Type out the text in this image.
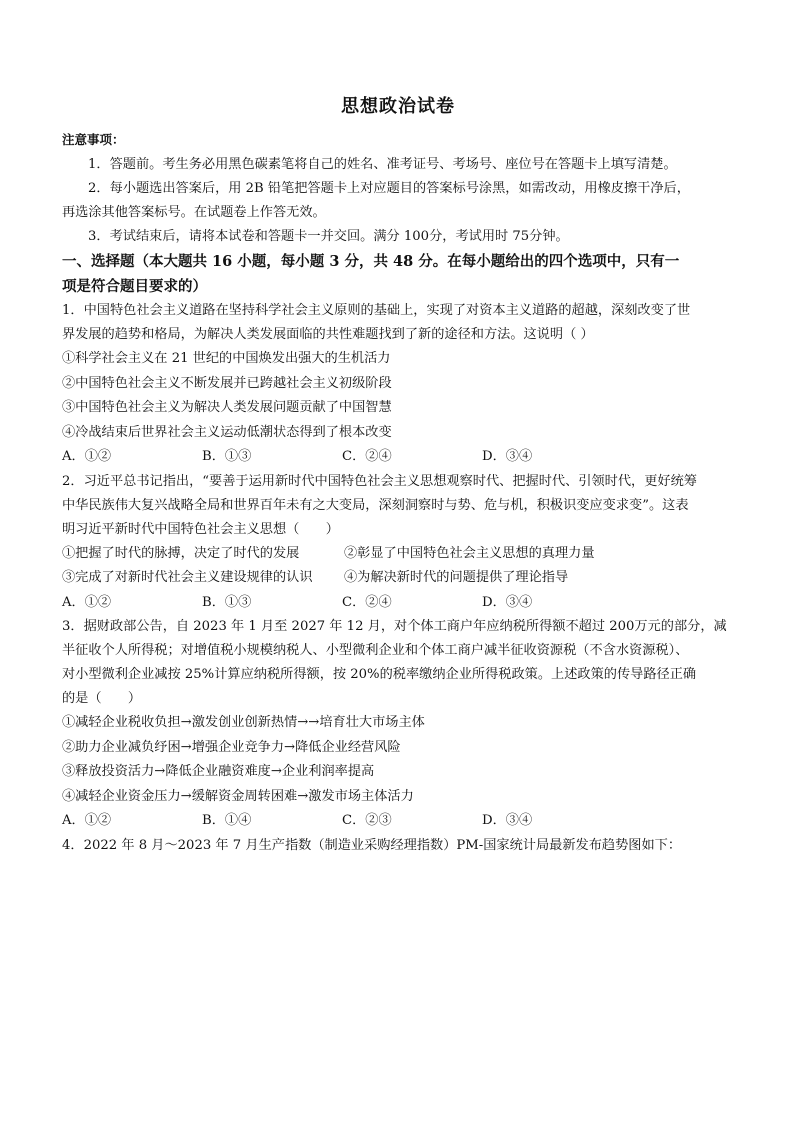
思想政治试卷
注意事项：
1．答题前。考生务必用黑色碳素笔将自己的姓名、准考证号、考场号、座位号在答题卡上填写清楚。
2．每小题选出答案后，用 2B 铅笔把答题卡上对应题目的答案标号涂黑，如需改动，用橡皮擦干净后，
再选涂其他答案标号。在试题卷上作答无效。
3．考试结束后，请将本试卷和答题卡一并交回。满分 100分，考试用时 75分钟。
一、选择题（本大题共 16 小题，每小题 3 分，共 48 分。在每小题给出的四个选项中，只有一
项是符合题目要求的）
1．中国特色社会主义道路在坚持科学社会主义原则的基础上，实现了对资本主义道路的超越，深刻改变了世
界发展的趋势和格局，为解决人类发展面临的共性难题找到了新的途径和方法。这说明（ ）
①科学社会主义在 21 世纪的中国焕发出强大的生机活力
②中国特色社会主义不断发展并已跨越社会主义初级阶段
③中国特色社会主义为解决人类发展问题贡献了中国智慧
④冷战结束后世界社会主义运动低潮状态得到了根本改变
A．①②	B．①③	C．②④	D．③④
2．习近平总书记指出，“要善于运用新时代中国特色社会主义思想观察时代、把握时代、引领时代，更好统筹
中华民族伟大复兴战略全局和世界百年未有之大变局，深刻洞察时与势、危与机，积极识变应变求变”。这表
明习近平新时代中国特色社会主义思想（　　）
①把握了时代的脉搏，决定了时代的发展	②彰显了中国特色社会主义思想的真理力量
③完成了对新时代社会主义建设规律的认识	④为解决新时代的问题提供了理论指导
A．①②	B．①③	C．②④	D．③④
3．据财政部公告，自 2023 年 1 月至 2027 年 12 月，对个体工商户年应纳税所得额不超过 200万元的部分，减
半征收个人所得税；对增值税小规模纳税人、小型微利企业和个体工商户减半征收资源税（不含水资源税）、
对小型微利企业减按 25%计算应纳税所得额，按 20%的税率缴纳企业所得税政策。上述政策的传导路径正确
的是（　　）
①减轻企业税收负担→激发创业创新热情→→培育壮大市场主体
②助力企业减负纾困→增强企业竞争力→降低企业经营风险
③释放投资活力→降低企业融资难度→企业利润率提高
④减轻企业资金压力→缓解资金周转困难→激发市场主体活力
A．①②	B．①④	C．②③	D．③④
4．2022 年 8 月～2023 年 7 月生产指数（制造业采购经理指数）PM-国家统计局最新发布趋势图如下：
